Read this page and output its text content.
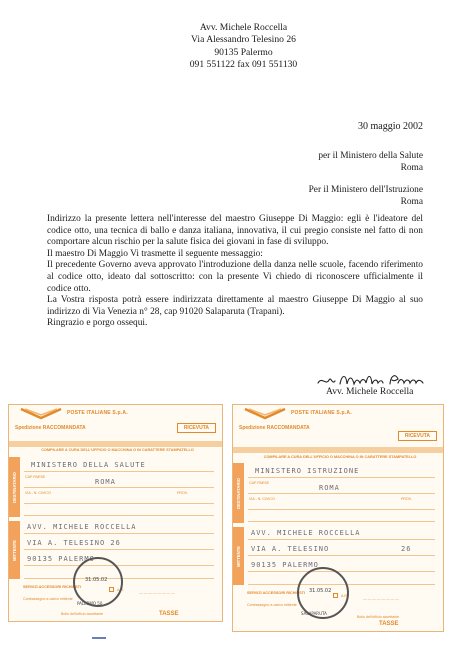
Avv. Michele Roccella
Via Alessandro Telesino 26
90135 Palermo
091 551122 fax 091 551130
30 maggio 2002
per il Ministero della Salute
Roma
Per il Ministero dell'Istruzione
Roma

Indirizzo la presente lettera nell'interesse del maestro Giuseppe Di Maggio: egli è l'ideatore del codice otto, una tecnica di ballo e danza italiana, innovativa, il cui pregio consiste nel fatto di non comportare alcun rischio per la salute fisica dei giovani in fase di sviluppo.

Il maestro Di Maggio Vi trasmette il seguente messaggio:

Il precedente Governo aveva approvato l'introduzione della danza nelle scuole, facendo riferimento al codice otto, ideato dal sottoscritto: con la presente Vi chiedo di riconoscere ufficialmente il codice otto.

La Vostra risposta potrà essere indirizzata direttamente al maestro Giuseppe Di Maggio al suo indirizzo di Via Venezia n° 28, cap 91020 Salaparuta (Trapani).

Ringrazio e porgo ossequi.

Avv. Michele Roccella
POSTE ITALIANE S.p.A.
Spedizione RACCOMANDATA	RICEVUTA
COMPILARE A CURA DELL'UFFICIO O MACCHINA O IN CARATTERE STAMPATELLO
DESTINATARIO
MITTENTE
CAP PAESE
VIA - N. CIVICO	PROV.
MINISTERO DELLA SALUTE
ROMA
AVV. MICHELE ROCCELLA
VIA A. TELESINO 26
90135 PALERMO
SERVIZI ACCESSORI RICHIESTI
A.R.
Contrassegno a carico mittente
— — — — — — — —
31.05.02
PALERMO 50
TASSE
Bollo dell'ufficio accettante
POSTE ITALIANE S.p.A.
Spedizione RACCOMANDATA
RICEVUTA
COMPILARE A CURA DELL'UFFICIO O MACCHINA O IN CARATTERE STAMPATELLO
DESTINATARIO
MITTENTE
CAP PAESE
VIA - N. CIVICO	PROV.
MINISTERO ISTRUZIONE
ROMA
AVV. MICHELE ROCCELLA
VIA A. TELESINO	26
90135 PALERMO
SERVIZI ACCESSORI RICHIESTI
A.R.
Contrassegno a carico mittente
— — — — — — — —
31.05.02
SALAPARUTA
TASSE
Bollo dell'ufficio accettante
